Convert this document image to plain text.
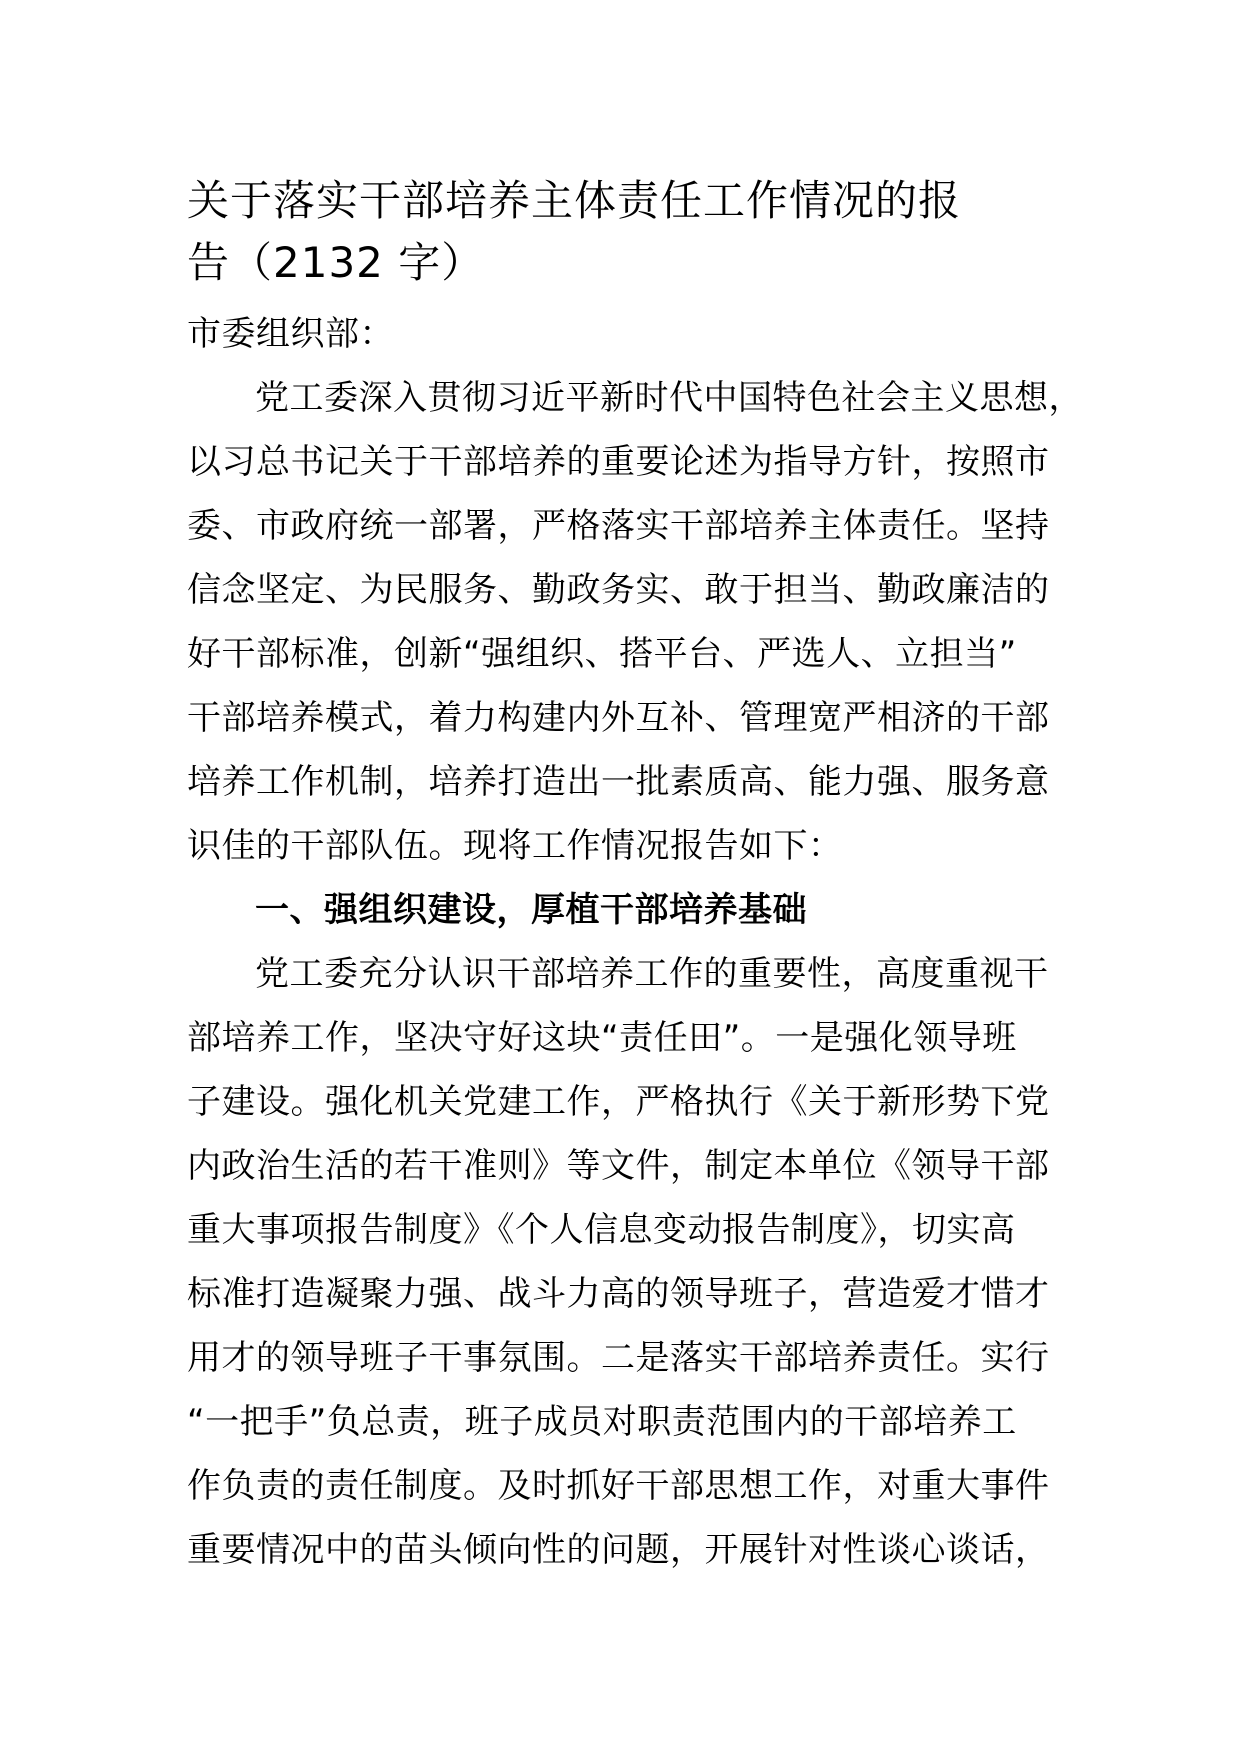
关于落实干部培养主体责任工作情况的报
告（2132 字）
市委组织部：
党工委深入贯彻习近平新时代中国特色社会主义思想，
以习总书记关于干部培养的重要论述为指导方针，按照市
委、市政府统一部署，严格落实干部培养主体责任。坚持
信念坚定、为民服务、勤政务实、敢于担当、勤政廉洁的
好干部标准，创新“强组织、搭平台、严选人、立担当”
干部培养模式，着力构建内外互补、管理宽严相济的干部
培养工作机制，培养打造出一批素质高、能力强、服务意
识佳的干部队伍。现将工作情况报告如下：
一、强组织建设，厚植干部培养基础
党工委充分认识干部培养工作的重要性，高度重视干
部培养工作，坚决守好这块“责任田”。一是强化领导班
子建设。强化机关党建工作，严格执行《关于新形势下党
内政治生活的若干准则》等文件，制定本单位《领导干部
重大事项报告制度》《个人信息变动报告制度》，切实高
标准打造凝聚力强、战斗力高的领导班子，营造爱才惜才
用才的领导班子干事氛围。二是落实干部培养责任。实行
“一把手”负总责，班子成员对职责范围内的干部培养工
作负责的责任制度。及时抓好干部思想工作，对重大事件
重要情况中的苗头倾向性的问题，开展针对性谈心谈话，
